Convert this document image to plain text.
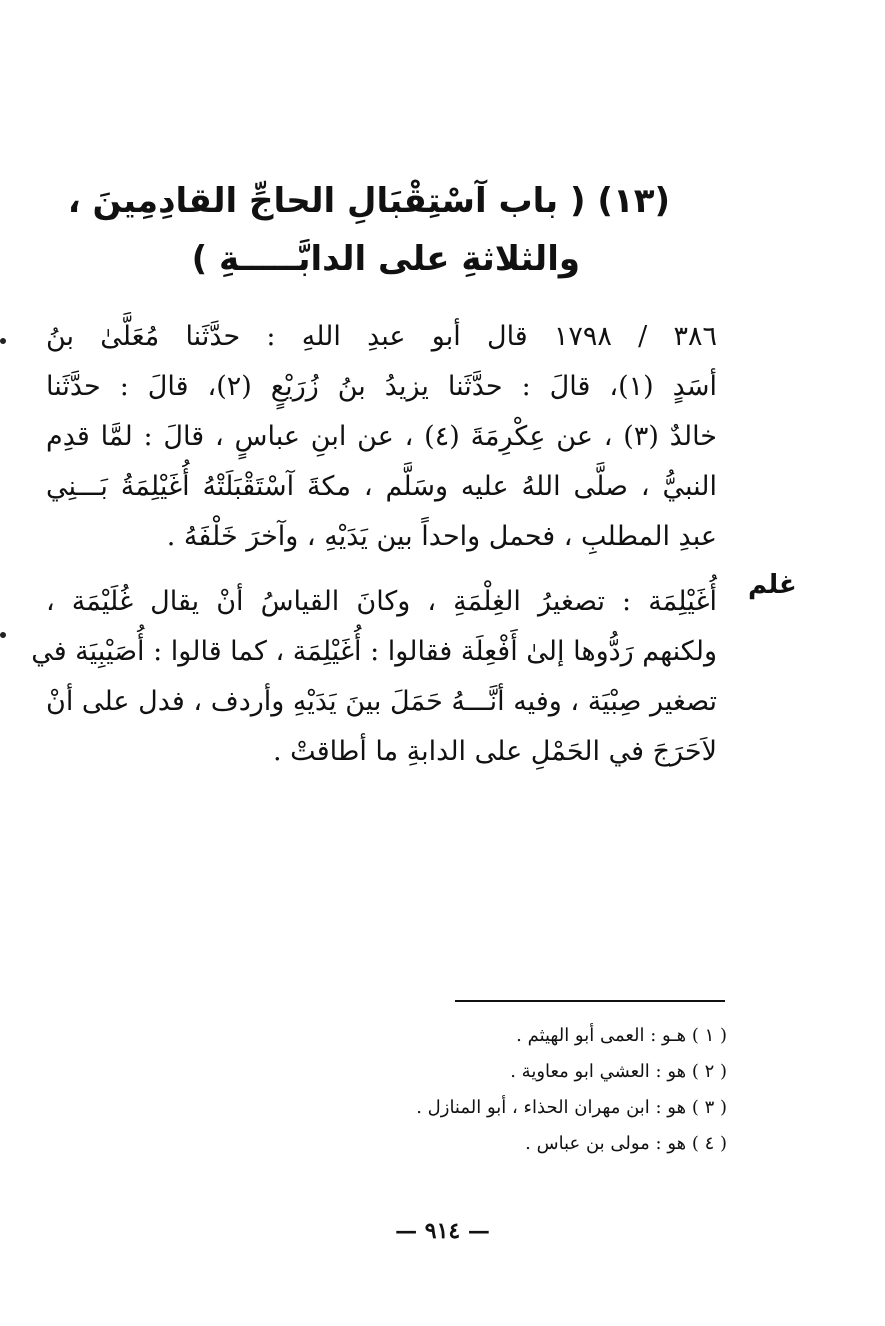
(١٣) ( باب آسْتِقْبَالِ الحاجِّ القادِمِينَ ،
والثلاثةِ على الدابَّـــــةِ )
٣٨٦ / ١٧٩٨ قال أبو عبدِ اللهِ : حدَّثَنا مُعَلَّىٰ بنُ
أسَدٍ (١)، قالَ : حدَّثَنا يزيدُ بنُ زُرَيْعٍ (٢)، قالَ : حدَّثَنا
خالدٌ (٣) ، عن عِكْرِمَةَ (٤) ، عن ابنِ عباسٍ ، قالَ : لمَّا قدِم
النبيُّ ، صلَّى اللهُ عليه وسَلَّم ، مكةَ آسْتَقْبَلَتْهُ أُغَيْلِمَةُ بَـــنِي
عبدِ المطلبِ ، فحمل واحداً بين يَدَيْهِ ، وآخرَ خَلْفَهُ .
أُغَيْلِمَة : تصغيرُ الغِلْمَةِ ، وكانَ القياسُ أنْ يقال غُلَيْمَة ،
ولكنهم رَدُّوها إلىٰ أَفْعِلَة فقالوا : أُغَيْلِمَة ، كما قالوا : أُصَيْبِيَة في
تصغير صِبْيَة ، وفيه أنَّـــهُ حَمَلَ بينَ يَدَيْهِ وأردف ، فدل على أنْ
لاَحَرَجَ في الحَمْلِ على الدابةِ ما أطاقتْ .
غلم
( ١ ) هـو : العمى أبو الهيثم .
( ٢ ) هو : العشي ابو معاوية .
( ٣ ) هو : ابن مهران الحذاء ، أبو المنازل .
( ٤ ) هو : مولى بن عباس .
— ٩١٤ —
